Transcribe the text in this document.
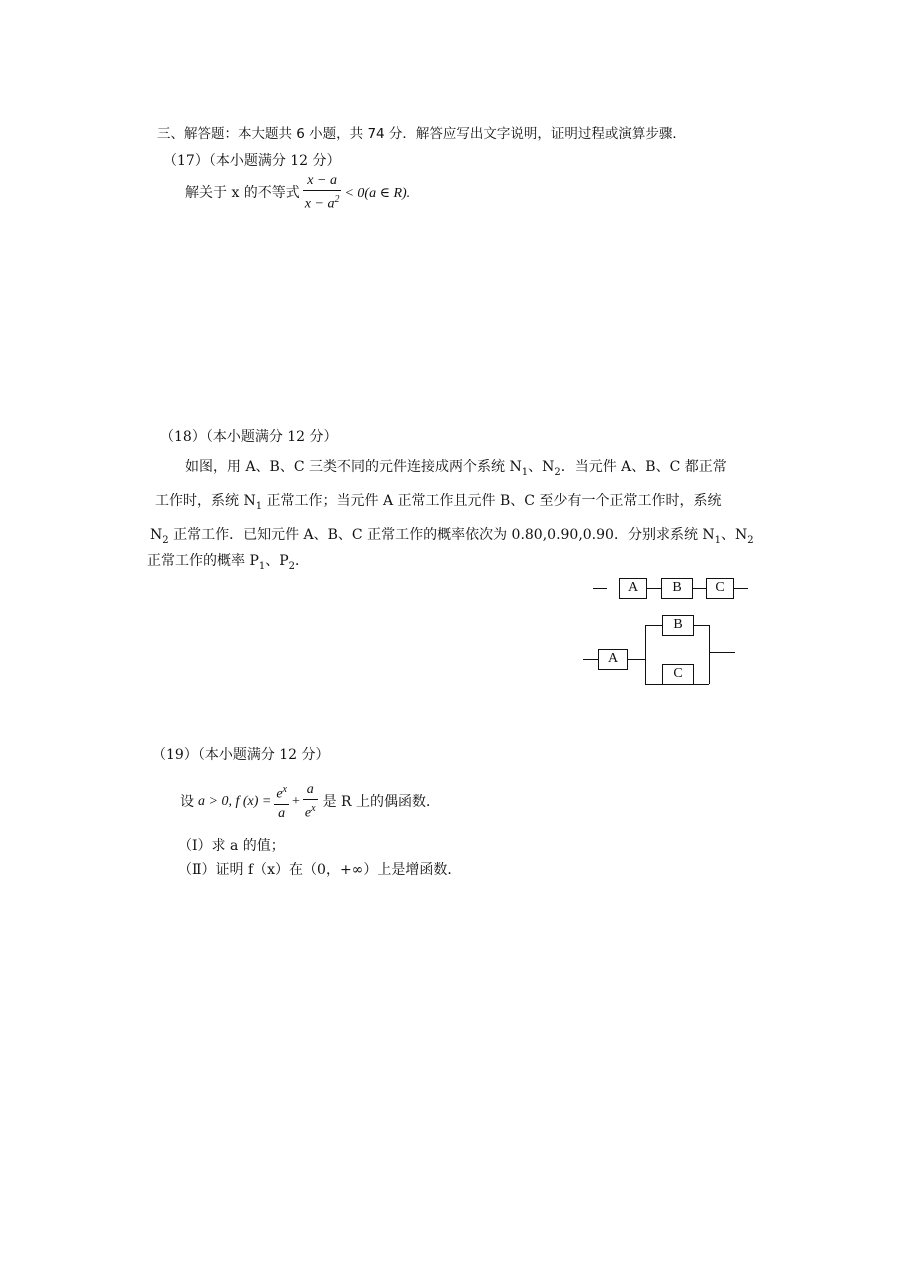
三、解答题：本大题共 6 小题，共 74 分．解答应写出文字说明，证明过程或演算步骤．
（17）（本小题满分 12 分）
解关于 x 的不等式 $\frac{x - a}{x - a^2} < 0(a$ ∈ R).
（18）（本小题满分 12 分）
如图，用 A、B、C 三类不同的元件连接成两个系统 $N_1$、$N_2$．当元件 A、B、C 都正常
工作时，系统 $N_1$ 正常工作；当元件 A 正常工作且元件 B、C 至少有一个正常工作时，系统
$N_2$ 正常工作．已知元件 A、B、C 正常工作的概率依次为 0.80,0.90,0.90．分别求系统 $N_1$、$N_2$
正常工作的概率 $P_1$、$P_2$．
A	B	C
A
B
C
（19）（本小题满分 12 分）
设 a > 0, f $(x) = \frac{e^x}{a} + \frac{a}{e^x}$ 是 R 上的偶函数．
（Ⅰ）求 a 的值；
（Ⅱ）证明 f（x）在（0，+∞）上是增函数．
